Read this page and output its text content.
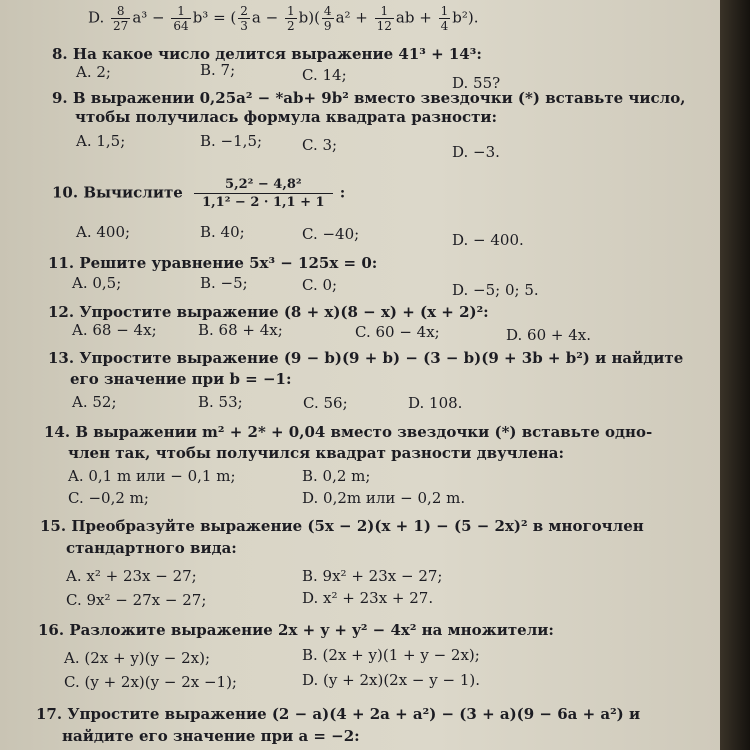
D. $\frac{8}{27} a^3 - \frac{1}{64} b^3$ = ( $\frac{2}{3}$ $a - \frac{1}{2} b)( \frac{4}{9} a^2 + \frac{1}{12}$ ab + $\frac{1}{4} b^2$).
8. На какое число делится выражение 41³ + 14³:
A. 2;	B. 7;	C. 14;	D. 55?
9. В выражении 0,25a² − *ab+ 9b² вместо звездочки (*) вставьте число,
чтобы получилась формула квадрата разности:
A. 1,5;	B. −1,5;	C. 3;	D. −3.
10. Вычислите $\frac{\text{5,2² − 4,8²}}{\text{1,1² − 2 · 1,1 + 1}}$ :
A. 400;	B. 40;	C. −40;	D. − 400.
11. Решите уравнение 5x³ − 125x = 0:
A. 0,5;	B. −5;	C. 0;	D. −5; 0; 5.
12. Упростите выражение (8 + x)(8 − x) + (x + 2)²:
A. 68 − 4x;	B. 68 + 4x;	C. 60 − 4x;	D. 60 + 4x.
13. Упростите выражение (9 − b)(9 + b) − (3 − b)(9 + 3b + b²) и найдите
его значение при b = −1:
A. 52;	B. 53;	C. 56;	D. 108.
14. В выражении m² + 2* + 0,04 вместо звездочки (*) вставьте одно-
член так, чтобы получился квадрат разности двучлена:
A. 0,1 m или − 0,1 m;	B. 0,2 m;
C. −0,2 m;	D. 0,2m или − 0,2 m.
15. Преобразуйте выражение (5x − 2)(x + 1) − (5 − 2x)² в многочлен
стандартного вида:
A. x² + 23x − 27;	B. 9x² + 23x − 27;
C. 9x² − 27x − 27;	D. x² + 23x + 27.
16. Разложите выражение 2x + y + y² − 4x² на множители:
A. (2x + y)(y − 2x);	B. (2x + y)(1 + y − 2x);
C. (y + 2x)(y − 2x −1);	D. (y + 2x)(2x − y − 1).
17. Упростите выражение (2 − a)(4 + 2a + a²) − (3 + a)(9 − 6a + a²) и
найдите его значение при a = −2:
